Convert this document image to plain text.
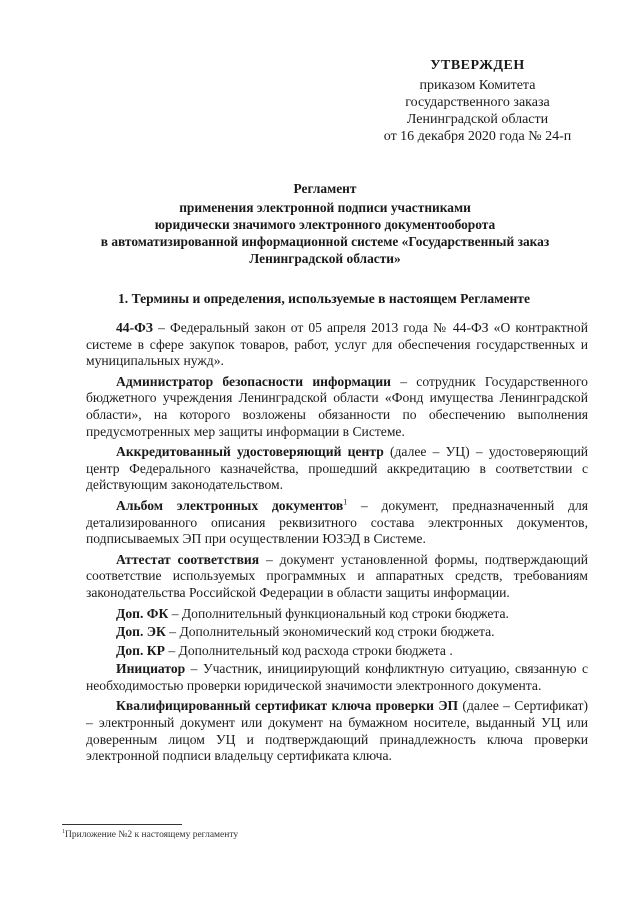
УТВЕРЖДЕН
приказом Комитета
государственного заказа
Ленинградской области
от 16 декабря 2020 года № 24-п
Регламент
применения электронной подписи участниками
юридически значимого электронного документооборота
в автоматизированной информационной системе «Государственный заказ
Ленинградской области»
1. Термины и определения, используемые в настоящем Регламенте

44-ФЗ – Федеральный закон от 05 апреля 2013 года № 44-ФЗ «О контрактной системе в сфере закупок товаров, работ, услуг для обеспечения государственных и муниципальных нужд».

Администратор безопасности информации – сотрудник Государственного бюджетного учреждения Ленинградской области «Фонд имущества Ленинградской области», на которого возложены обязанности по обеспечению выполнения предусмотренных мер защиты информации в Системе.

Аккредитованный удостоверяющий центр (далее – УЦ) – удостоверяющий центр Федерального казначейства, прошедший аккредитацию в соответствии с действующим законодательством.

Альбом электронных документов$^1$ – документ, предназначенный для детализированного описания реквизитного состава электронных документов, подписываемых ЭП при осуществлении ЮЗЭД в Системе.

Аттестат соответствия – документ установленной формы, подтверждающий соответствие используемых программных и аппаратных средств, требованиям законодательства Российской Федерации в области защиты информации.

Доп. ФК – Дополнительный функциональный код строки бюджета.

Доп. ЭК – Дополнительный экономический код строки бюджета.

Доп. КР – Дополнительный код расхода строки бюджета .

Инициатор – Участник, инициирующий конфликтную ситуацию, связанную с необходимостью проверки юридической значимости электронного документа.

Квалифицированный сертификат ключа проверки ЭП (далее – Сертификат) – электронный документ или документ на бумажном носителе, выданный УЦ или доверенным лицом УЦ и подтверждающий принадлежность ключа проверки электронной подписи владельцу сертификата ключа.

$^1$Приложение №2 к настоящему регламенту
